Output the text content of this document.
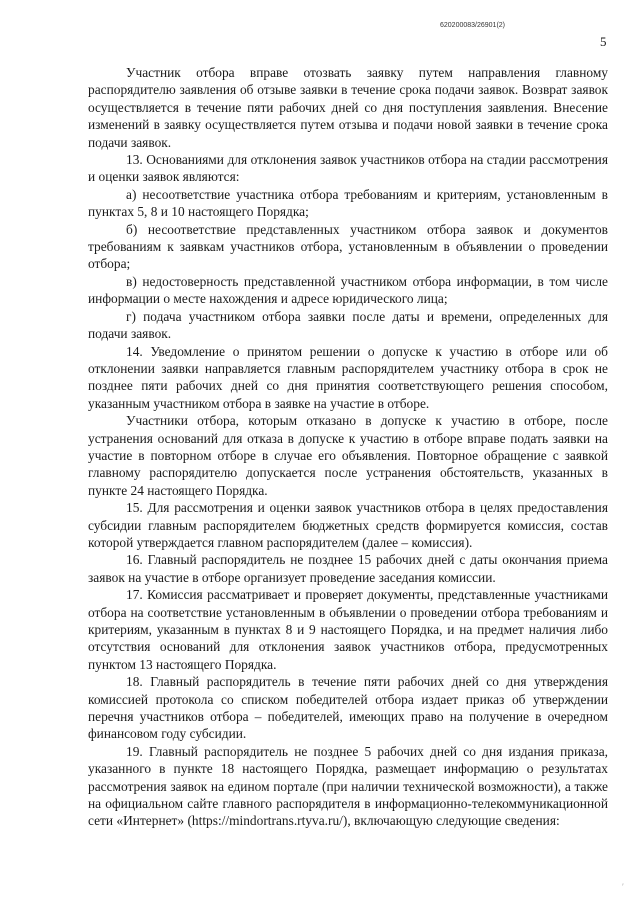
620200083/26901(2)
5

Участник отбора вправе отозвать заявку путем направления главному распорядителю заявления об отзыве заявки в течение срока подачи заявок. Возврат заявок осуществляется в течение пяти рабочих дней со дня поступления заявления. Внесение изменений в заявку осуществляется путем отзыва и подачи новой заявки в течение срока подачи заявок.

13. Основаниями для отклонения заявок участников отбора на стадии рассмотрения и оценки заявок являются:

а) несоответствие участника отбора требованиям и критериям, установленным в пунктах 5, 8 и 10 настоящего Порядка;

б) несоответствие представленных участником отбора заявок и документов требованиям к заявкам участников отбора, установленным в объявлении о проведении отбора;

в) недостоверность представленной участником отбора информации, в том числе информации о месте нахождения и адресе юридического лица;

г) подача участником отбора заявки после даты и времени, определенных для подачи заявок.

14. Уведомление о принятом решении о допуске к участию в отборе или об отклонении заявки направляется главным распорядителем участнику отбора в срок не позднее пяти рабочих дней со дня принятия соответствующего решения способом, указанным участником отбора в заявке на участие в отборе.

Участники отбора, которым отказано в допуске к участию в отборе, после устранения оснований для отказа в допуске к участию в отборе вправе подать заявки на участие в повторном отборе в случае его объявления. Повторное обращение с заявкой главному распорядителю допускается после устранения обстоятельств, указанных в пункте 24 настоящего Порядка.

15. Для рассмотрения и оценки заявок участников отбора в целях предоставления субсидии главным распорядителем бюджетных средств формируется комиссия, состав которой утверждается главном распорядителем (далее – комиссия).

16. Главный распорядитель не позднее 15 рабочих дней с даты окончания приема заявок на участие в отборе организует проведение заседания комиссии.

17. Комиссия рассматривает и проверяет документы, представленные участниками отбора на соответствие установленным в объявлении о проведении отбора требованиям и критериям, указанным в пунктах 8 и 9 настоящего Порядка, и на предмет наличия либо отсутствия оснований для отклонения заявок участников отбора, предусмотренных пунктом 13 настоящего Порядка.

18. Главный распорядитель в течение пяти рабочих дней со дня утверждения комиссией протокола со списком победителей отбора издает приказ об утверждении перечня участников отбора – победителей, имеющих право на получение в очередном финансовом году субсидии.

19. Главный распорядитель не позднее 5 рабочих дней со дня издания приказа, указанного в пункте 18 настоящего Порядка, размещает информацию о результатах рассмотрения заявок на едином портале (при наличии технической возможности), а также на официальном сайте главного распорядителя в информационно-телекоммуникационной сети «Интернет» (https://mindortrans.rtyva.ru/), включающую следующие сведения:

′
